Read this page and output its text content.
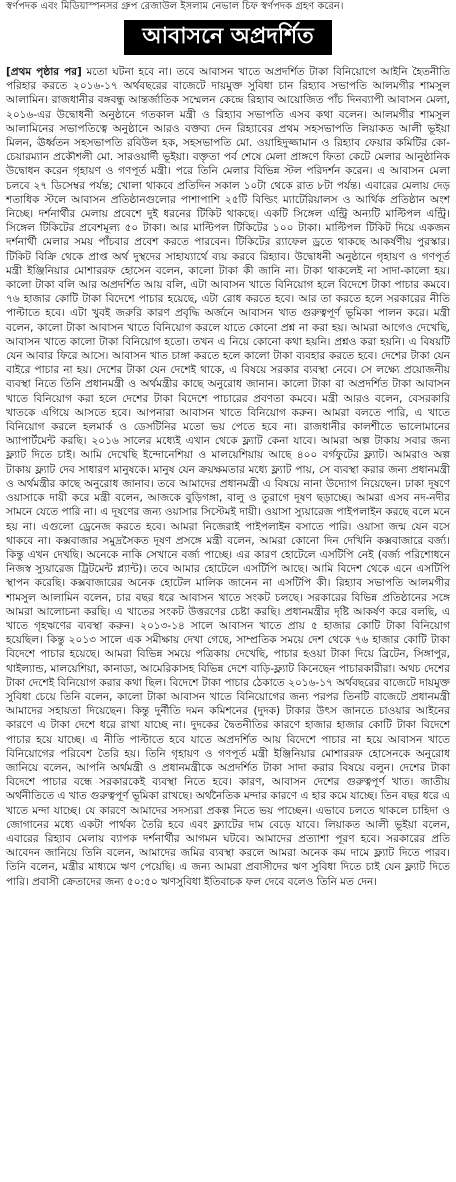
স্বর্ণপদক এবং মিডিয়াস্পনসর গ্রুপ রেজাউল ইসলাম নেভাল চিফ স্বর্ণপদক গ্রহণ করেন।
আবাসনে অপ্রদর্শিত
[প্রথম পৃষ্ঠার পর] মতো ঘটনা হবে না। তবে আবাসন খাতে অপ্রদর্শিত টাকা বিনিয়োগে আইনি হৈতনীতি পরিহার করতে ২০১৬-১৭ অর্থবছরের বাজেটে দায়মুক্ত সুবিধা চান রিহ্যাব সভাপতি আলমগীর শামসুল আলামিন। রাজধানীর বঙ্গবন্ধু আন্তর্জাতিক সম্মেলন কেন্দ্রে রিহ্যাব আয়োজিত পাঁচ দিনব্যাপী আবাসন মেলা, ২০১৬-এর উদ্বোধনী অনুষ্ঠানে গতকাল মন্ত্রী ও রিহ্যাব সভাপতি এসব কথা বলেন। আলমগীর শামসুল আলামিনের সভাপতিত্বে অনুষ্ঠানে আরও বক্তব্য দেন রিহ্যাবের প্রথম সহসভাপতি লিয়াকত আলী ভূইয়া মিলন, ঊর্ধ্বতন সহসভাপতি রবিউল হক, সহসভাপতি মো. ওয়াহিদুজ্জামান ও রিহ্যাব ফেয়ার কমিটির কো-চেয়ারম্যান প্রকৌশলী মো. সারওয়ার্দী ভূইয়া। বক্তৃতা পর্ব শেষে মেলা প্রাঙ্গণে ফিতা কেটে মেলার আনুষ্ঠানিক উদ্বোধন করেন গৃহায়ণ ও গণপূর্ত মন্ত্রী। পরে তিনি মেলার বিভিন্ন স্টল পরিদর্শন করেন। এ আবাসন মেলা চলবে ২৭ ডিসেম্বর পর্যন্ত; খোলা থাকবে প্রতিদিন সকাল ১০টা থেকে রাত ৮টা পর্যন্ত। এবারের মেলায় দেড় শতাধিক স্টলে আবাসন প্রতিষ্ঠানগুলোর পাশাপাশি ২৫টি বিল্ডিং ম্যাটেরিয়ালস ও আর্থিক প্রতিষ্ঠান অংশ নিচ্ছে। দর্শনার্থীর মেলায় প্রবেশে দুই ধরনের টিকিট থাকছে। একটি সিঙ্গেল এন্ট্রি অন্যটি মাল্টিপল এন্ট্রি। সিঙ্গেল টিকিটের প্রবেশমূল্য ৫০ টাকা। আর মাল্টিপল টিকিটের ১০০ টাকা। মাল্টিপল টিকিট দিয়ে একজন দর্শনার্থী মেলার সময় পাঁচবার প্রবেশ করতে পারবেন। টিকিটের র‍্যাফেল ড্রতে থাকছে আকর্ষণীয় পুরস্কার। টিকিট বিক্রি থেকে প্রাপ্ত অর্থ দুস্থদের সাহায্যার্থে ব্যয় করবে রিহ্যাব। উদ্বোধনী অনুষ্ঠানে গৃহায়ণ ও গণপূর্ত মন্ত্রী ইঞ্জিনিয়ার মোশাররফ হোসেন বলেন, কালো টাকা কী জানি না। টাকা থাকলেই না সাদা-কালো হয়। কালো টাকা বলি আর অপ্রদর্শিত আয় বলি, এটা আবাসন খাতে বিনিয়োগ হলে বিদেশে টাকা পাচার কমবে। ৭৬ হাজার কোটি টাকা বিদেশে পাচার হয়েছে, এটা রোধ করতে হবে। আর তা করতে হলে সরকারের নীতি পাল্টাতে হবে। এটা খুবই জরুরি কারণ প্রবৃদ্ধি অর্জনে আবাসন খাত গুরুত্বপূর্ণ ভূমিকা পালন করে। মন্ত্রী বলেন, কালো টাকা আবাসন খাতে বিনিয়োগ করলে যাতে কোনো প্রশ্ন না করা হয়। আমরা আগেও দেখেছি, আবাসন খাতে কালো টাকা বিনিয়োগ হতো। তখন এ নিয়ে কোনো কথা হয়নি। প্রশ্নও করা হয়নি। এ বিষয়টি যেন আবার ফিরে আসে। আবাসন খাত চাঙ্গা করতে হলে কালো টাকা ব্যবহার করতে হবে। দেশের টাকা যেন বাইরে পাচার না হয়। দেশের টাকা যেন দেশেই থাকে, এ বিষয়ে সরকার ব্যবস্থা নেবে। সে লক্ষ্যে প্রয়োজনীয় ব্যবস্থা নিতে তিনি প্রধানমন্ত্রী ও অর্থমন্ত্রীর কাছে অনুরোধ জানান। কালো টাকা বা অপ্রদর্শিত টাকা আবাসন খাতে বিনিয়োগ করা হলে দেশের টাকা বিদেশে পাচারের প্রবণতা কমবে। মন্ত্রী আরও বলেন, বেসরকারি খাতকে এগিয়ে আসতে হবে। আপনারা আবাসন খাতে বিনিয়োগ করুন। আমরা বলতে পারি, এ খাতে বিনিয়োগ করলে হলমার্ক ও ডেসটিনির মতো ভয় পেতে হবে না। রাজধানীর কালশীতে ভালোমানের অ্যাপার্টমেন্ট করছি। ২০১৬ সালের মধ্যেই এখান থেকে ফ্ল্যাট কেনা যাবে। আমরা অল্প টাকায় সবার জন্য ফ্ল্যাট দিতে চাই। আমি দেখেছি ইন্দোনেশিয়া ও মালয়েশিয়ায় আছে ৪০০ বর্গফুটের ফ্ল্যাট। আমরাও অল্প টাকায় ফ্ল্যাট দেব সাধারণ মানুষকে। মানুষ যেন ক্রয়ক্ষমতার মধ্যে ফ্ল্যাট পায়, সে ব্যবস্থা করার জন্য প্রধানমন্ত্রী ও অর্থমন্ত্রীর কাছে অনুরোধ জানাব। তবে আমাদের প্রধানমন্ত্রী এ বিষয়ে নানা উদ্যোগ নিয়েছেন। ঢাকা দূষণে ওয়াসাকে দায়ী করে মন্ত্রী বলেন, আজকে বুড়িগঙ্গা, বালু ও তুরাগে দূষণ ছড়াচ্ছে। আমরা এসব নদ-নদীর সামনে যেতে পারি না। এ দূষণের জন্য ওয়াসার সিস্টেমই দায়ী। ওয়াসা স্যুয়ারেজ পাইপলাইন করছে বলে মনে হয় না। এগুলো ড্রেনেজ করতে হবে। আমরা নিজেরাই পাইপলাইন বসাতে পারি। ওয়াসা জন্ম যেন বসে থাকবে না। কক্সবাজার সমুদ্রসৈকত দূষণ প্রসঙ্গে মন্ত্রী বলেন, আমরা কোনো দিন দেখিনি কক্সবাজারে বর্জ্য। কিন্তু এখন দেখছি। অনেকে নাকি সেখানে বর্জ্য পাচ্ছে। এর কারণ হোটেলে এসটিপি নেই (বর্জ্য পরিশোধনে নিজস্ব স্যুয়ারেজ ট্রিটমেন্ট প্ল্যান্ট)। তবে আমার হোটেলে এসটিপি আছে। আমি বিদেশ থেকে এনে এসটিপি স্থাপন করেছি। কক্সবাজারের অনেক হোটেল মালিক জানেন না এসটিপি কী। রিহ্যাব সভাপতি আলমগীর শামসুল আলামিন বলেন, চার বছর ধরে আবাসন খাতে সংকট চলছে। সরকারের বিভিন্ন প্রতিষ্ঠানের সঙ্গে আমরা আলোচনা করছি। এ খাতের সংকট উত্তরণের চেষ্টা করছি। প্রধানমন্ত্রীর দৃষ্টি আকর্ষণ করে বলছি, এ খাতে গৃহঋণের ব্যবস্থা করুন। ২০১৩-১৪ সালে আবাসন খাতে প্রায় ৫ হাজার কোটি টাকা বিনিয়োগ হয়েছিল। কিন্তু ২০১৩ সালে এক সমীক্ষায় দেখা গেছে, সাম্প্রতিক সময়ে দেশ থেকে ৭৬ হাজার কোটি টাকা বিদেশে পাচার হয়েছে। আমরা বিভিন্ন সময়ে পত্রিকায় দেখেছি, পাচার হওয়া টাকা দিয়ে ব্রিটেন, সিঙ্গাপুর, থাইল্যান্ড, মালয়েশিয়া, কানাডা, আমেরিকাসহ বিভিন্ন দেশে বাড়ি-ফ্ল্যাট কিনেছেন পাচারকারীরা। অথচ দেশের টাকা দেশেই বিনিয়োগ করার কথা ছিল। বিদেশে টাকা পাচার ঠেকাতে ২০১৬-১৭ অর্থবছরের বাজেটে দায়মুক্ত সুবিধা চেয়ে তিনি বলেন, কালো টাকা আবাসন খাতে বিনিয়োগের জন্য পরপর তিনটি বাজেটে প্রধানমন্ত্রী আমাদের সহায়তা দিয়েছেন। কিন্তু দুর্নীতি দমন কমিশনের (দুদক) টাকার উৎস জানতে চাওয়ার আইনের কারণে এ টাকা দেশে ধরে রাখা যাচ্ছে না। দুদকের দ্বৈতনীতির কারণে হাজার হাজার কোটি টাকা বিদেশে পাচার হয়ে যাচ্ছে। এ নীতি পাল্টাতে হবে যাতে অপ্রদর্শিত আয় বিদেশে পাচার না হয়ে আবাসন খাতে বিনিয়োগের পরিবেশ তৈরি হয়। তিনি গৃহায়ণ ও গণপূর্ত মন্ত্রী ইঞ্জিনিয়ার মোশাররফ হোসেনকে অনুরোধ জানিয়ে বলেন, আপনি অর্থমন্ত্রী ও প্রধানমন্ত্রীকে অপ্রদর্শিত টাকা সাদা করার বিষয়ে বলুন। দেশের টাকা বিদেশে পাচার বন্ধে সরকারকেই ব্যবস্থা নিতে হবে। কারণ, আবাসন দেশের গুরুত্বপূর্ণ খাত। জাতীয় অর্থনীতিতে এ খাত গুরুত্বপূর্ণ ভূমিকা রাখছে। অর্থনৈতিক মন্দার কারণে এ হার কমে যাচ্ছে। তিন বছর ধরে এ খাতে মন্দা যাচ্ছে। যে কারণে আমাদের সদস্যরা প্রকল্প নিতে ভয় পাচ্ছেন। এভাবে চলতে থাকলে চাহিদা ও জোগানের মধ্যে একটা পার্থক্য তৈরি হবে এবং ফ্ল্যাটের দাম বেড়ে যাবে। লিয়াকত আলী ভূইয়া বলেন, এবারের রিহ্যাব মেলায় ব্যাপক দর্শনার্থীর আগমন ঘটবে। আমাদের প্রত্যাশা পূরণ হবে। সরকারের প্রতি আবেদন জানিয়ে তিনি বলেন, আমাদের জমির ব্যবস্থা করলে আমরা অনেক কম দামে ফ্ল্যাট দিতে পারব। তিনি বলেন, মন্ত্রীর মাধ্যমে ঋণ পেয়েছি। এ জন্য আমরা প্রবাসীদের ঋণ সুবিধা দিতে চাই যেন ফ্ল্যাট দিতে পারি। প্রবাসী ক্রেতাদের জন্য ৫০:৫০ ঋণসুবিধা ইতিবাচক ফল দেবে বলেও তিনি মত দেন।
